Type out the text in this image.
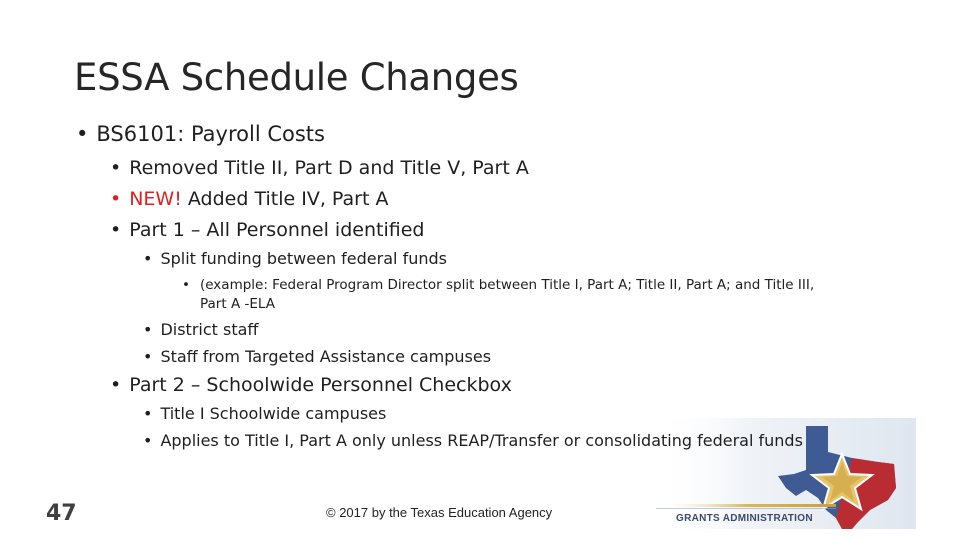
ESSA Schedule Changes
• BS6101: Payroll Costs
• Removed Title II, Part D and Title V, Part A
• NEW! Added Title IV, Part A
• Part 1 – All Personnel identified
• Split funding between federal funds
• (example: Federal Program Director split between Title I, Part A; Title II, Part A; and Title III,
Part A -ELA
• District staff
• Staff from Targeted Assistance campuses
• Part 2 – Schoolwide Personnel Checkbox
• Title I Schoolwide campuses
• Applies to Title I, Part A only unless REAP/Transfer or consolidating federal funds
GRANTS ADMINISTRATION
47	© 2017 by the Texas Education Agency
